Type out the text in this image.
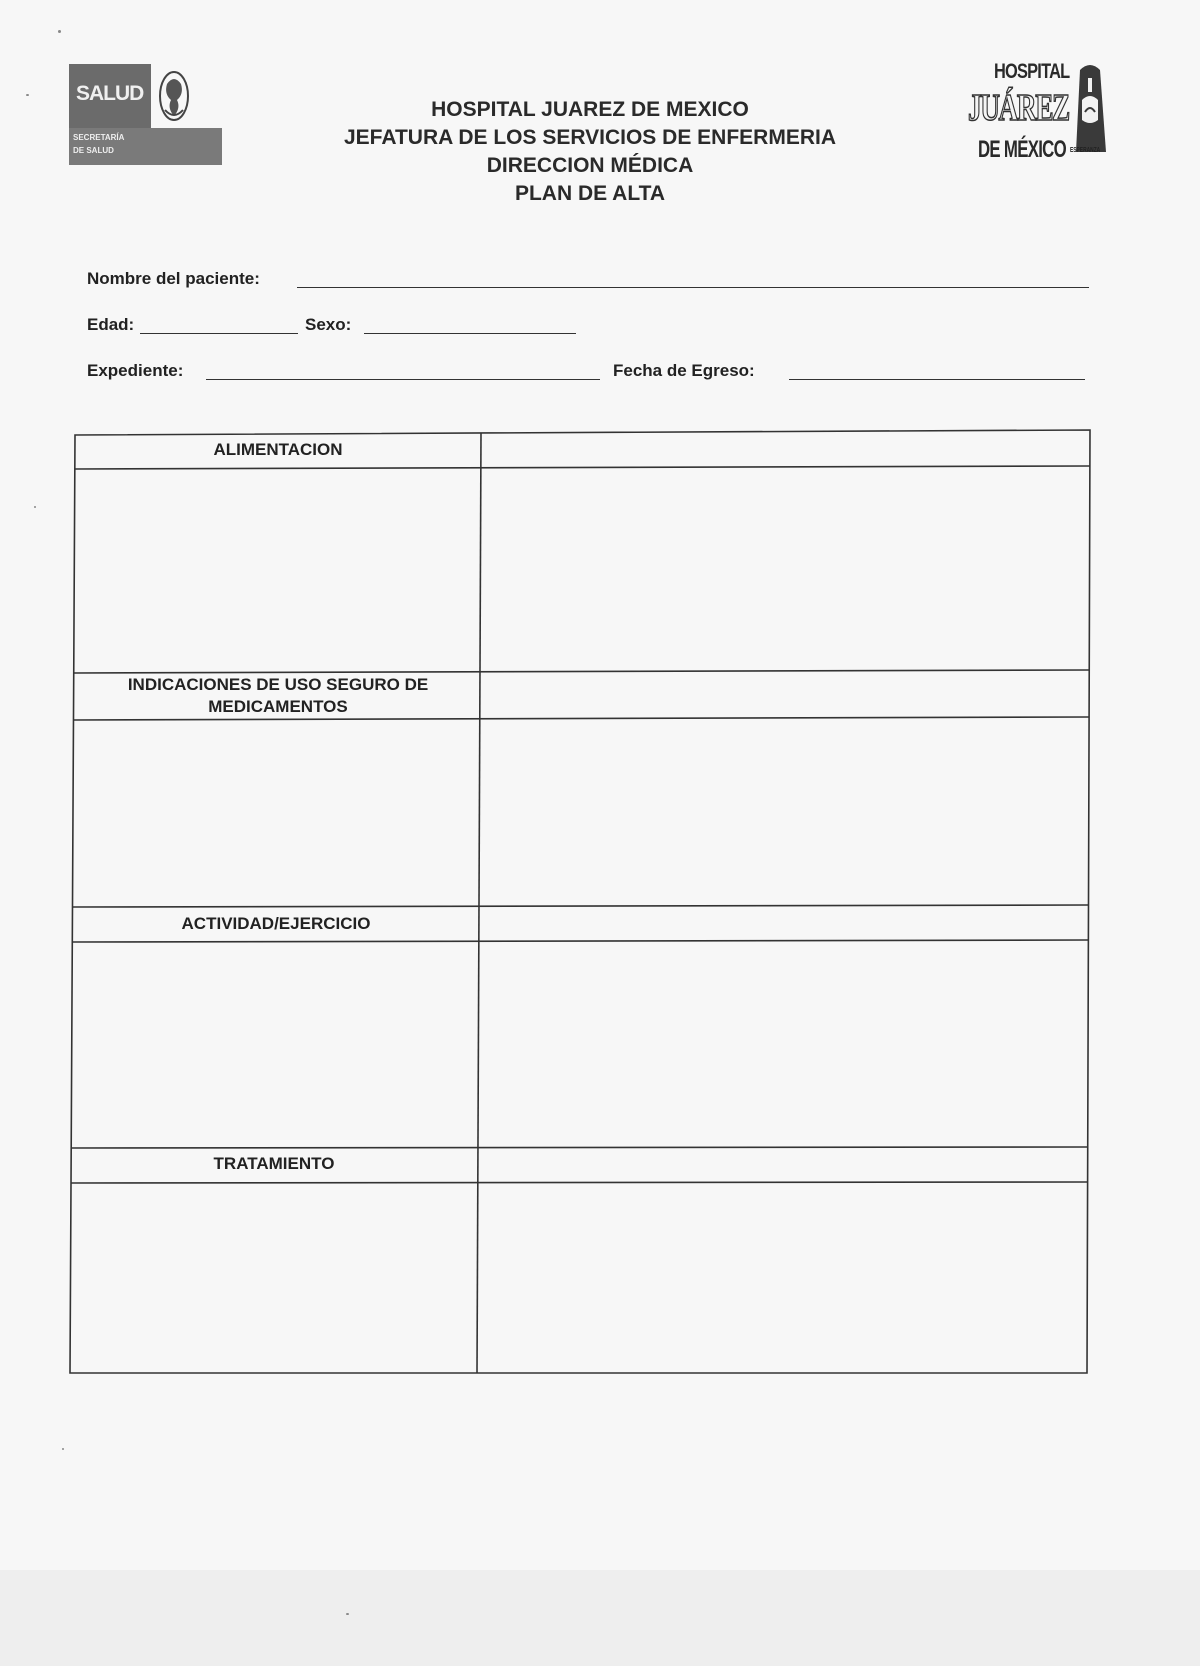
SALUD
SECRETARÍA
DE SALUD
HOSPITAL JUAREZ DE MEXICO
JEFATURA DE LOS SERVICIOS DE ENFERMERIA
DIRECCION MÉDICA
PLAN DE ALTA
HOSPITAL
JUÁREZ
DE MÉXICO ESPERANZA
Nombre del paciente:
Edad:	Sexo:
Expediente:	Fecha de Egreso:
ALIMENTACION
INDICACIONES DE USO SEGURO DE
MEDICAMENTOS
ACTIVIDAD/EJERCICIO
TRATAMIENTO
